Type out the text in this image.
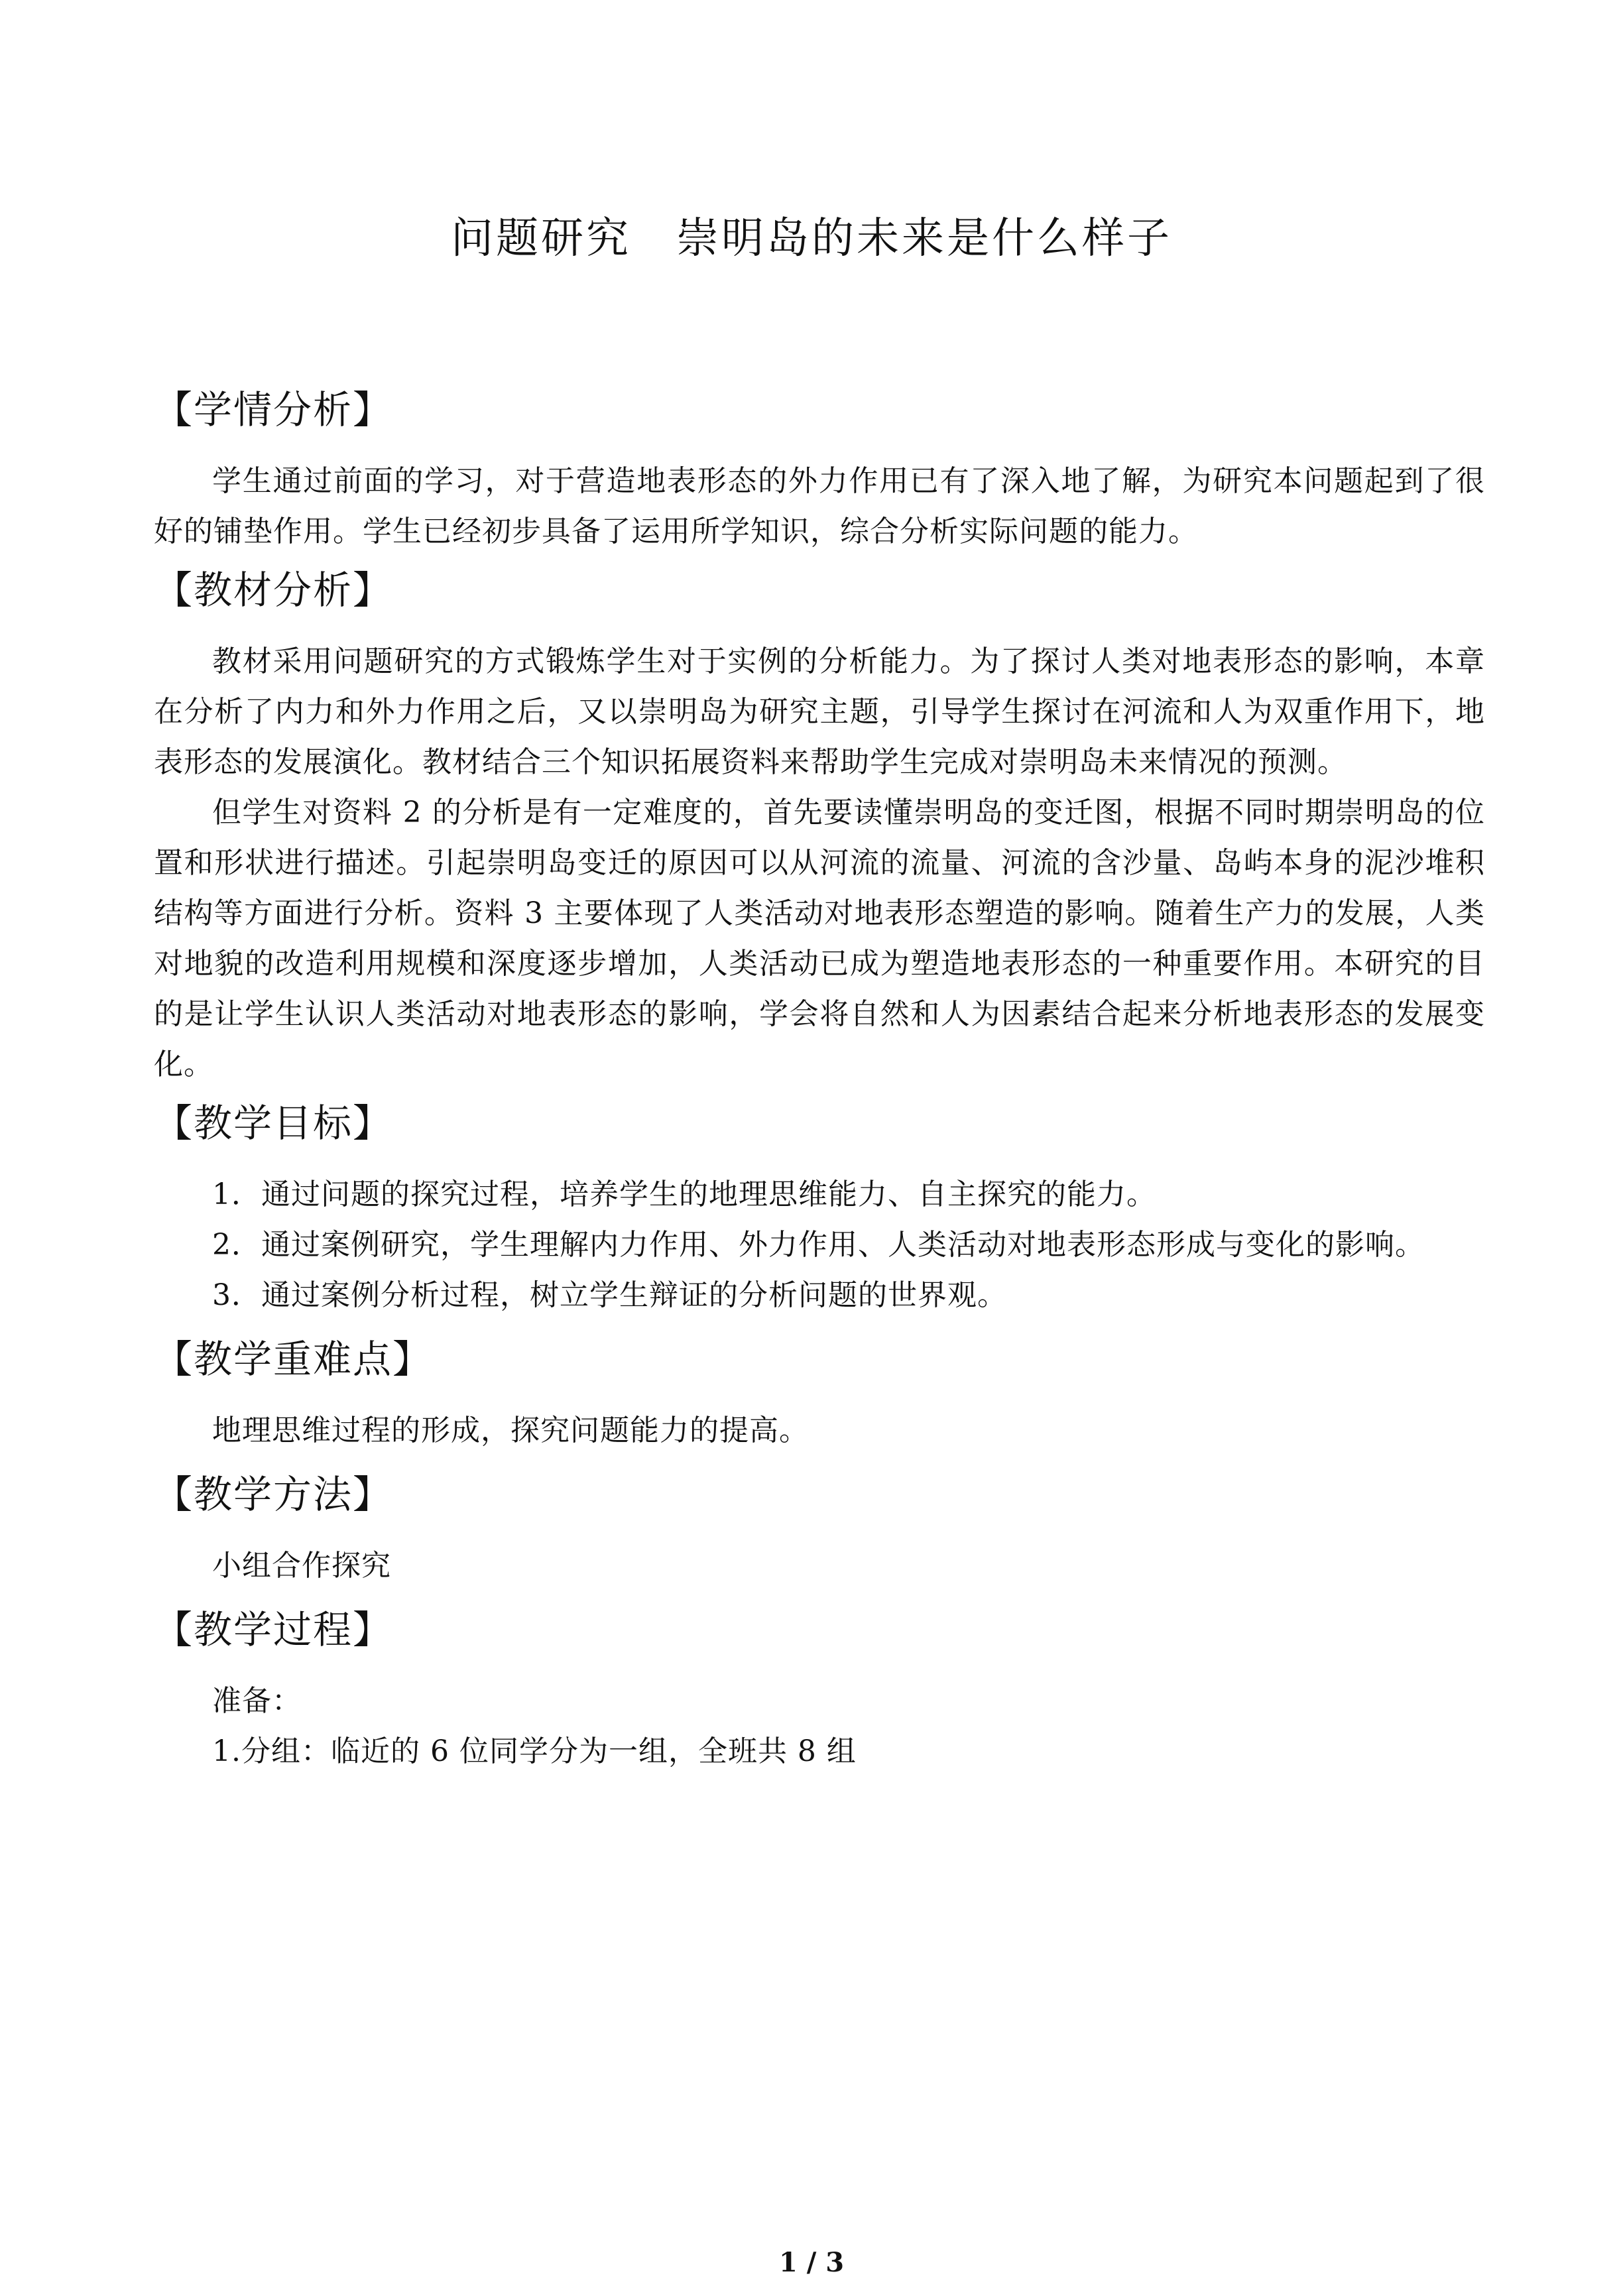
问题研究　崇明岛的未来是什么样子
【学情分析】

学生通过前面的学习，对于营造地表形态的外力作用已有了深入地了解，为研究本问题起到了很好的铺垫作用。学生已经初步具备了运用所学知识，综合分析实际问题的能力。

【教材分析】

教材采用问题研究的方式锻炼学生对于实例的分析能力。为了探讨人类对地表形态的影响，本章在分析了内力和外力作用之后，又以崇明岛为研究主题，引导学生探讨在河流和人为双重作用下，地表形态的发展演化。教材结合三个知识拓展资料来帮助学生完成对崇明岛未来情况的预测。

但学生对资料 2 的分析是有一定难度的，首先要读懂崇明岛的变迁图，根据不同时期崇明岛的位置和形状进行描述。引起崇明岛变迁的原因可以从河流的流量、河流的含沙量、岛屿本身的泥沙堆积结构等方面进行分析。资料 3 主要体现了人类活动对地表形态塑造的影响。随着生产力的发展，人类对地貌的改造利用规模和深度逐步增加，人类活动已成为塑造地表形态的一种重要作用。本研究的目的是让学生认识人类活动对地表形态的影响，学会将自然和人为因素结合起来分析地表形态的发展变化。

【教学目标】

1．通过问题的探究过程，培养学生的地理思维能力、自主探究的能力。

2．通过案例研究，学生理解内力作用、外力作用、人类活动对地表形态形成与变化的影响。

3．通过案例分析过程，树立学生辩证的分析问题的世界观。

【教学重难点】

地理思维过程的形成，探究问题能力的提高。

【教学方法】

小组合作探究

【教学过程】

准备：

1.分组：临近的 6 位同学分为一组，全班共 8 组

1 / 3
